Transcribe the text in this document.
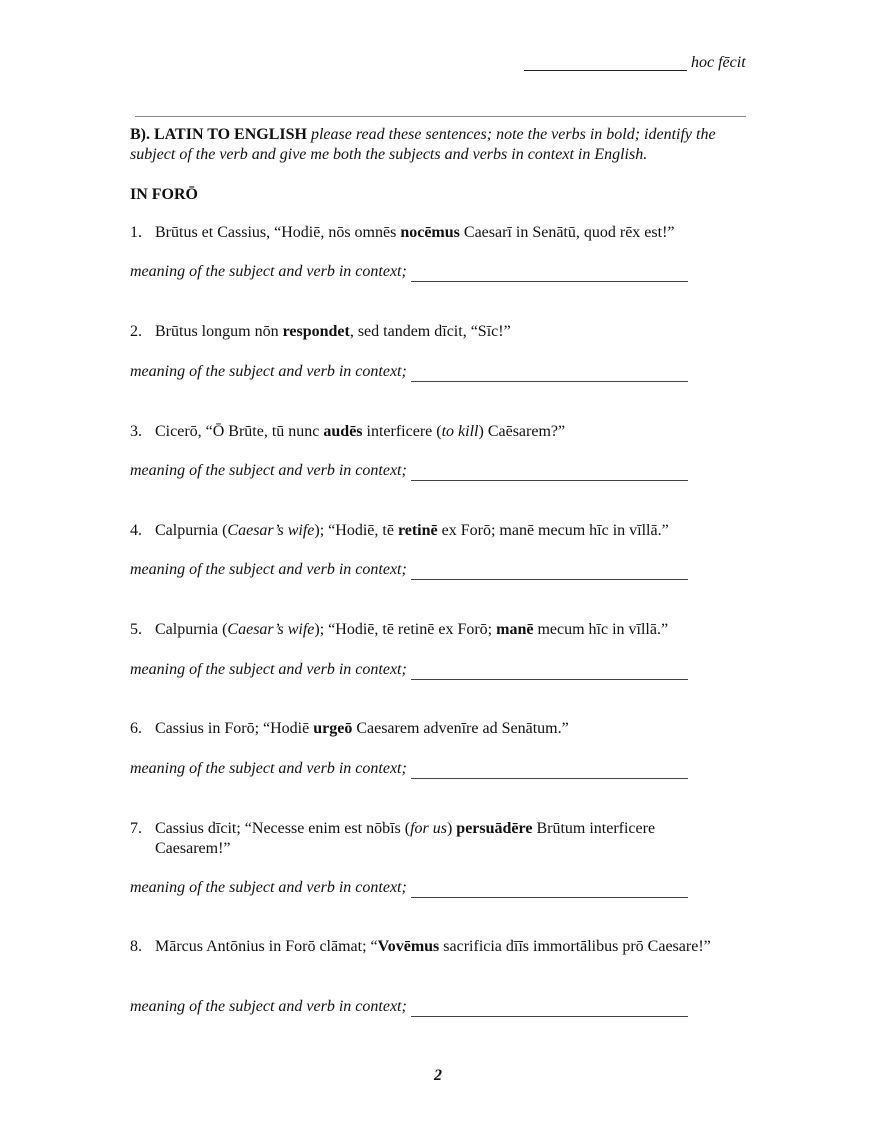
hoc fēcit
B). LATIN TO ENGLISH please read these sentences; note the verbs in bold; identify the subject of the verb and give me both the subjects and verbs in context in English.
IN FORŌ
1. Brūtus et Cassius, “Hodiē, nōs omnēs nocēmus Caesarī in Senātū, quod rēx est!”
meaning of the subject and verb in context;
2. Brūtus longum nōn respondet, sed tandem dīcit, “Sīc!”
meaning of the subject and verb in context;
3. Cicerō, “Ō Brūte, tū nunc audēs interficere (to kill) Caēsarem?”
meaning of the subject and verb in context;
4. Calpurnia (Caesar’s wife); “Hodiē, tē retinē ex Forō; manē mecum hīc in vīllā.”
meaning of the subject and verb in context;
5. Calpurnia (Caesar’s wife); “Hodiē, tē retinē ex Forō; manē mecum hīc in vīllā.”
meaning of the subject and verb in context;
6. Cassius in Forō; “Hodiē urgeō Caesarem advenīre ad Senātum.”
meaning of the subject and verb in context;
7. Cassius dīcit; “Necesse enim est nōbīs (for us) persuādēre Brūtum interficere Caesarem!”
meaning of the subject and verb in context;
8. Mārcus Antōnius in Forō clāmat; “Vovēmus sacrificia dīīs immortālibus prō Caesare!”
meaning of the subject and verb in context;
2
